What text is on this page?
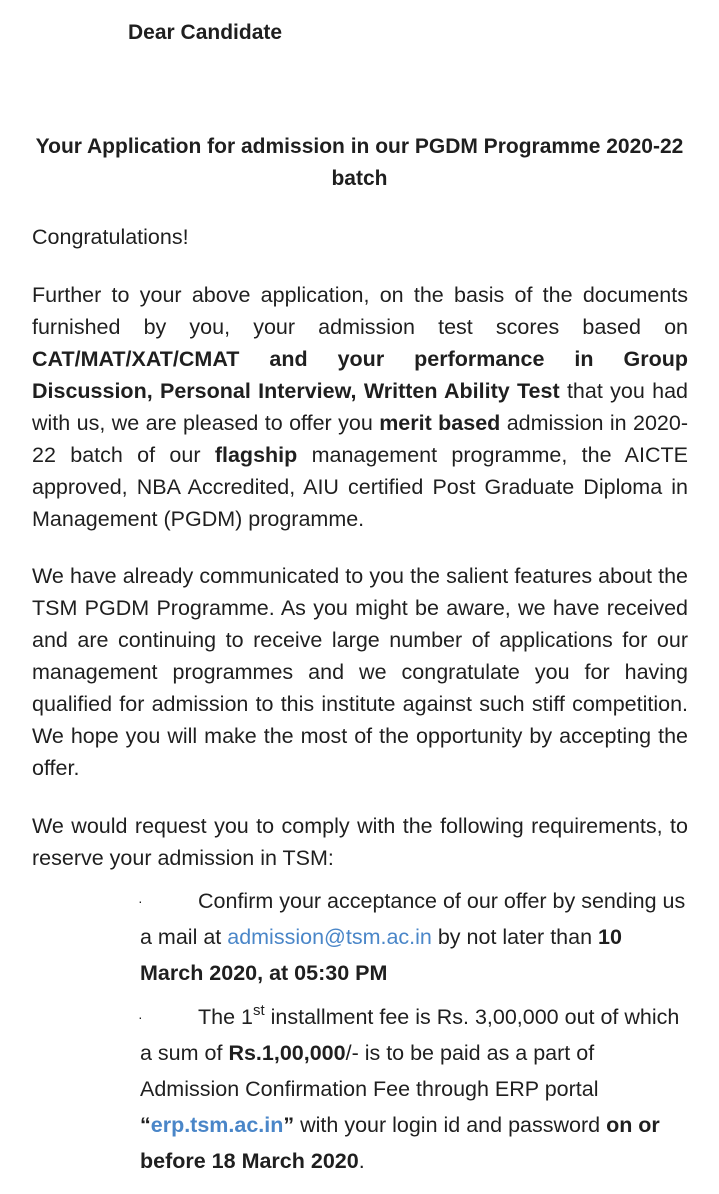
Dear Candidate
Your Application for admission in our PGDM Programme 2020-22 batch
Congratulations!
Further to your above application, on the basis of the documents furnished by you, your admission test scores based on CAT/MAT/XAT/CMAT and your performance in Group Discussion, Personal Interview, Written Ability Test that you had with us, we are pleased to offer you merit based admission in 2020-22 batch of our flagship management programme, the AICTE approved, NBA Accredited, AIU certified Post Graduate Diploma in Management (PGDM) programme.
We have already communicated to you the salient features about the TSM PGDM Programme. As you might be aware, we have received and are continuing to receive large number of applications for our management programmes and we congratulate you for having qualified for admission to this institute against such stiff competition. We hope you will make the most of the opportunity by accepting the offer.
We would request you to comply with the following requirements, to reserve your admission in TSM:
·	Confirm your acceptance of our offer by sending us a mail at admission@tsm.ac.in by not later than 10 March 2020, at 05:30 PM
·	The 1st installment fee is Rs. 3,00,000 out of which a sum of Rs.1,00,000/- is to be paid as a part of Admission Confirmation Fee through ERP portal “erp.tsm.ac.in” with your login id and password on or before 18 March 2020.
